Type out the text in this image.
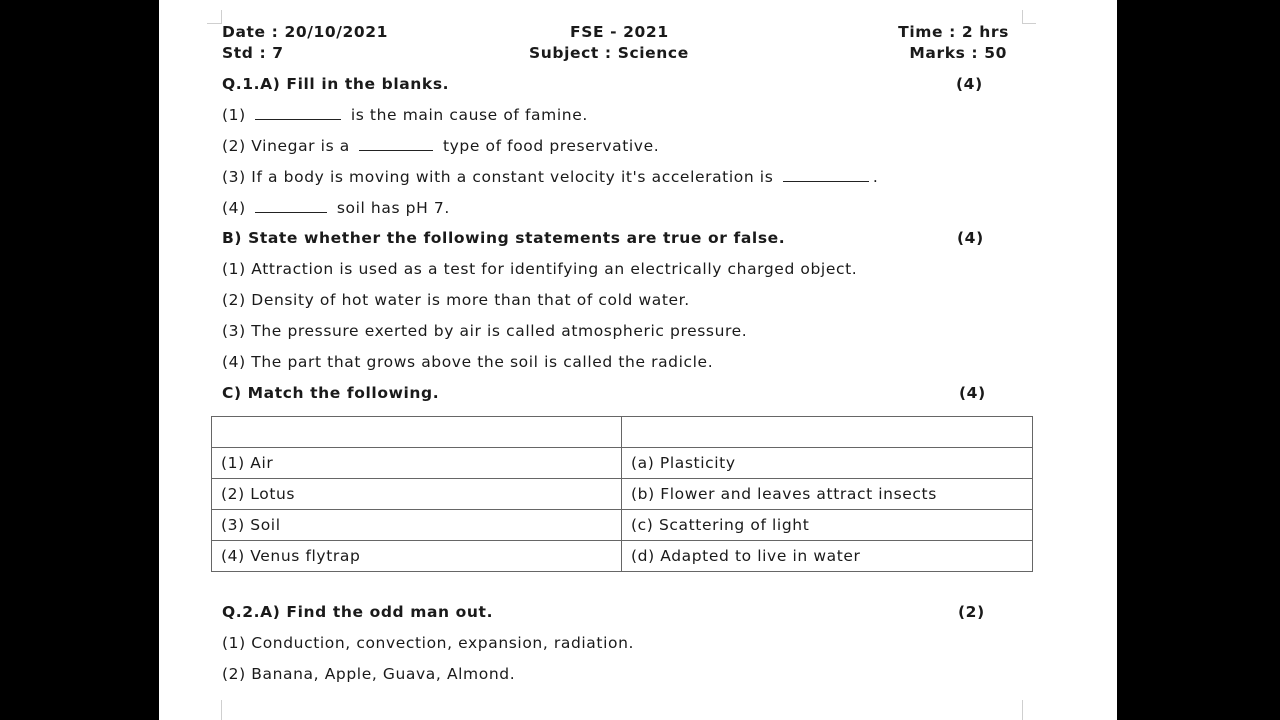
Date : 20/10/2021	FSE - 2021	Time : 2 hrs
Std : 7	Subject : Science	Marks : 50
Q.1.A) Fill in the blanks.	(4)
(1)	is the main cause of famine.
(2) Vinegar is a	type of food preservative.
(3) If a body is moving with a constant velocity it's acceleration is	.
(4)	soil has pH 7.
B) State whether the following statements are true or false.	(4)
(1) Attraction is used as a test for identifying an electrically charged object.
(2) Density of hot water is more than that of cold water.
(3) The pressure exerted by air is called atmospheric pressure.
(4) The part that grows above the soil is called the radicle.
C) Match the following.	(4)

(1) Air	(a) Plasticity
(2) Lotus	(b) Flower and leaves attract insects
(3) Soil	(c) Scattering of light
(4) Venus flytrap	(d) Adapted to live in water
Q.2.A) Find the odd man out.	(2)
(1) Conduction, convection, expansion, radiation.
(2) Banana, Apple, Guava, Almond.
